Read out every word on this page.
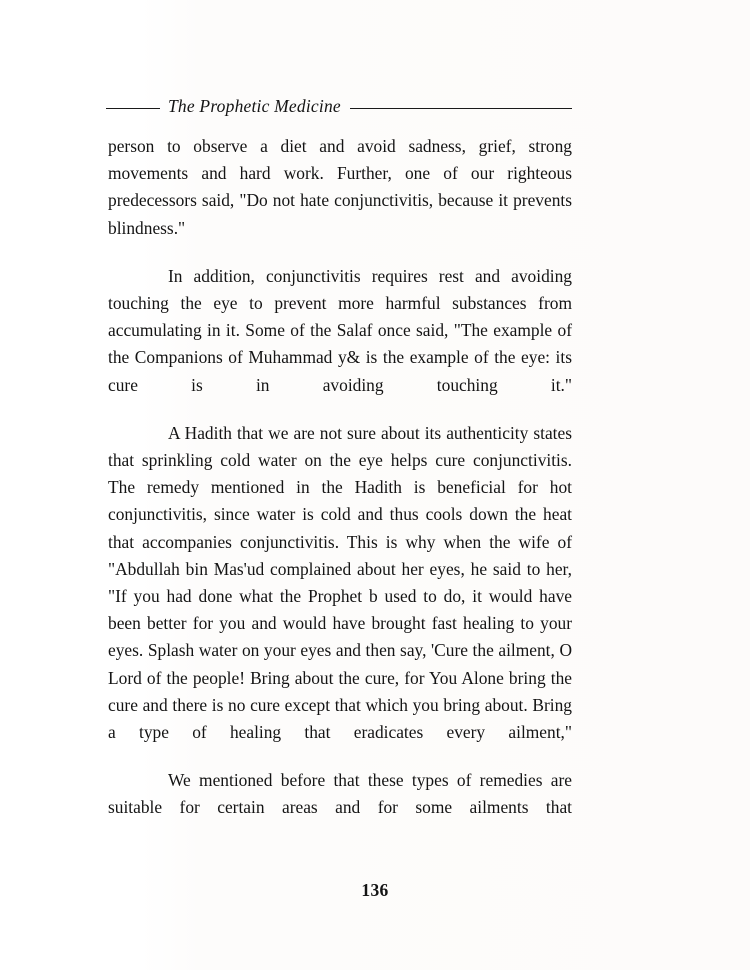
The Prophetic Medicine

person to observe a diet and avoid sadness, grief, strong movements and hard work. Further, one of our righteous predecessors said, "Do not hate conjunctivitis, because it prevents blindness."

In addition, conjunctivitis requires rest and avoiding touching the eye to prevent more harmful substances from accumulating in it. Some of the Salaf once said, "The example of the Companions of Muhammad y& is the example of the eye: its cure is in avoiding touching it."

A Hadith that we are not sure about its authenticity states that sprinkling cold water on the eye helps cure conjunctivitis. The remedy mentioned in the Hadith is beneficial for hot conjunctivitis, since water is cold and thus cools down the heat that accompanies conjunctivitis. This is why when the wife of "Abdullah bin Mas'ud complained about her eyes, he said to her, "If you had done what the Prophet b used to do, it would have been better for you and would have brought fast healing to your eyes. Splash water on your eyes and then say, 'Cure the ailment, O Lord of the people! Bring about the cure, for You Alone bring the cure and there is no cure except that which you bring about. Bring a type of healing that eradicates every ailment,"

We mentioned before that these types of remedies are suitable for certain areas and for some ailments that

136
